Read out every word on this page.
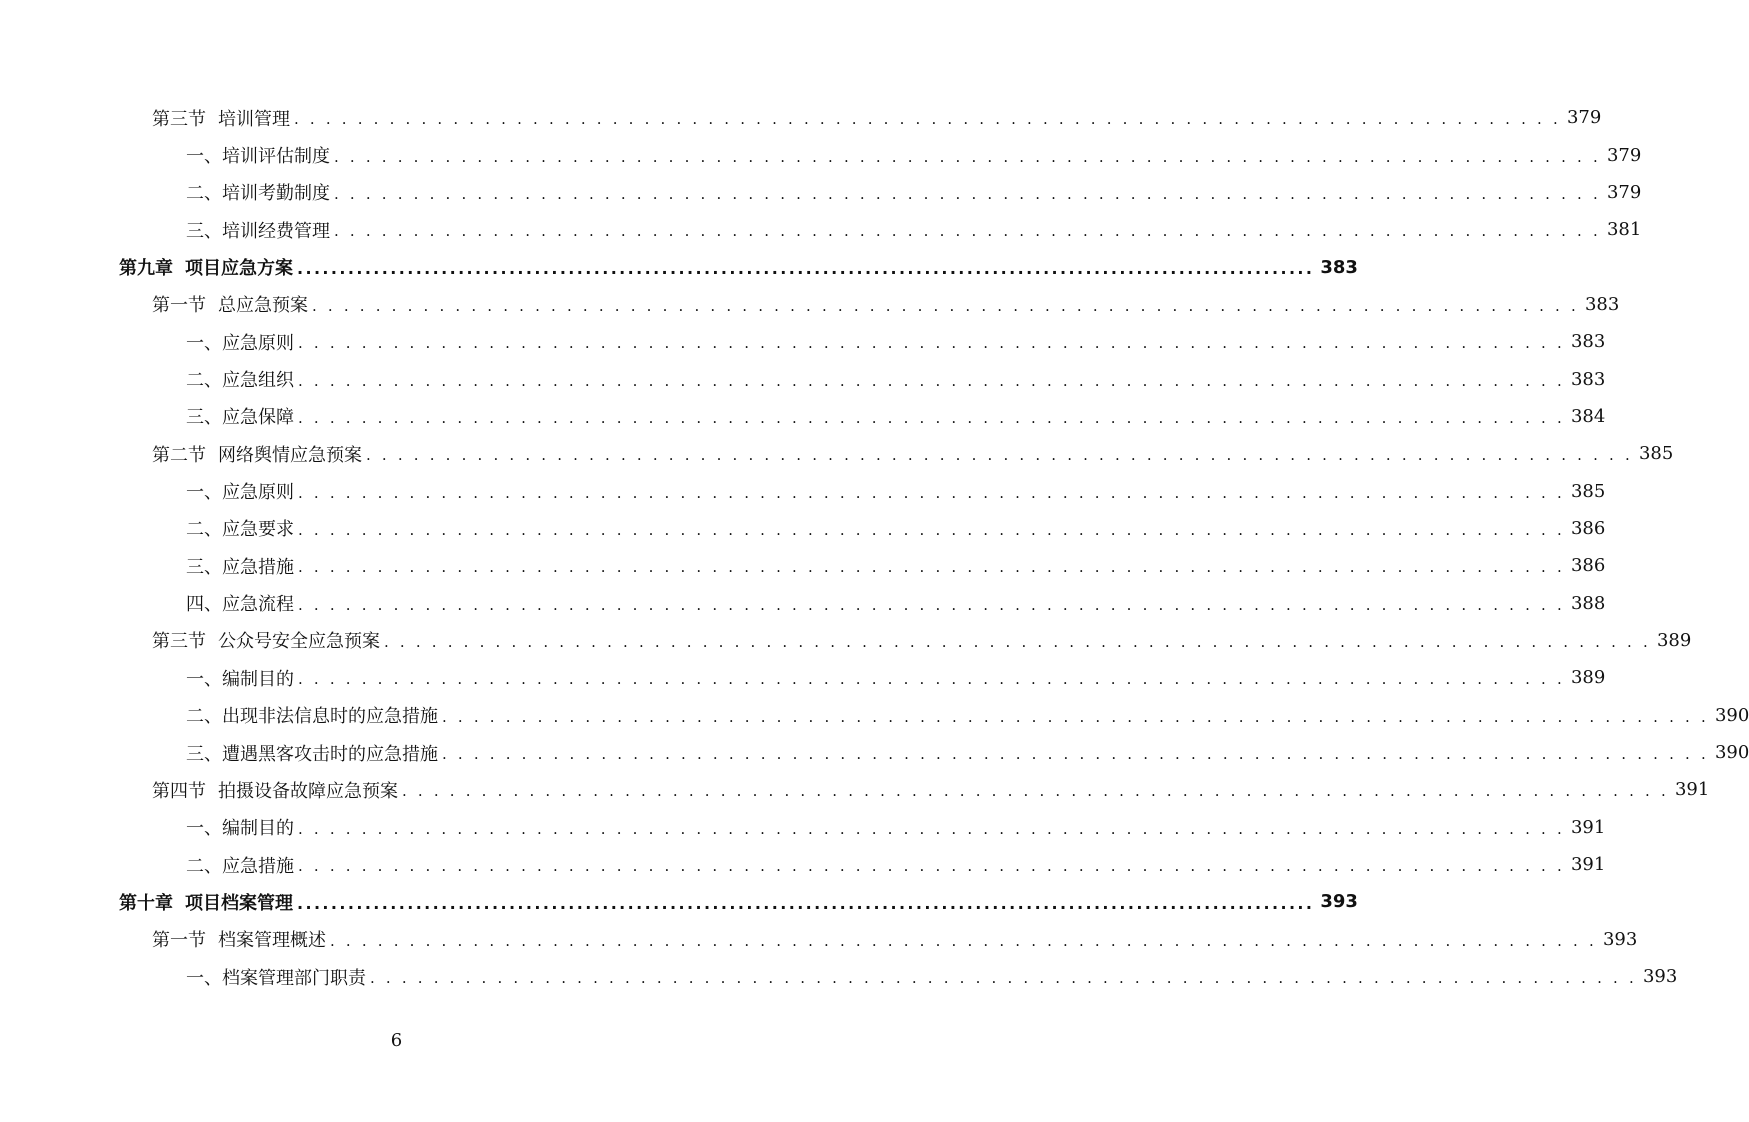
第三节 培训管理 . . . . . . . . . . . . . . . . . . . . . . . . . . . . . . . . . . . . . . . . . . . . . . . . . . . . . . . . . . . . . . . . . . . . . . . . . . . . . . . . 379
一、培训评估制度 . . . . . . . . . . . . . . . . . . . . . . . . . . . . . . . . . . . . . . . . . . . . . . . . . . . . . . . . . . . . . . . . . . . . . . . . . . . . . . . . 379
二、培训考勤制度 . . . . . . . . . . . . . . . . . . . . . . . . . . . . . . . . . . . . . . . . . . . . . . . . . . . . . . . . . . . . . . . . . . . . . . . . . . . . . . . . 379
三、培训经费管理 . . . . . . . . . . . . . . . . . . . . . . . . . . . . . . . . . . . . . . . . . . . . . . . . . . . . . . . . . . . . . . . . . . . . . . . . . . . . . . . . 381
第九章 项目应急方案 ........................................................................................................................ 383
第一节 总应急预案 . . . . . . . . . . . . . . . . . . . . . . . . . . . . . . . . . . . . . . . . . . . . . . . . . . . . . . . . . . . . . . . . . . . . . . . . . . . . . . . . 383
一、应急原则 . . . . . . . . . . . . . . . . . . . . . . . . . . . . . . . . . . . . . . . . . . . . . . . . . . . . . . . . . . . . . . . . . . . . . . . . . . . . . . . . 383
二、应急组织 . . . . . . . . . . . . . . . . . . . . . . . . . . . . . . . . . . . . . . . . . . . . . . . . . . . . . . . . . . . . . . . . . . . . . . . . . . . . . . . . 383
三、应急保障 . . . . . . . . . . . . . . . . . . . . . . . . . . . . . . . . . . . . . . . . . . . . . . . . . . . . . . . . . . . . . . . . . . . . . . . . . . . . . . . . 384
第二节 网络舆情应急预案 . . . . . . . . . . . . . . . . . . . . . . . . . . . . . . . . . . . . . . . . . . . . . . . . . . . . . . . . . . . . . . . . . . . . . . . . . . . . . . . . 385
一、应急原则 . . . . . . . . . . . . . . . . . . . . . . . . . . . . . . . . . . . . . . . . . . . . . . . . . . . . . . . . . . . . . . . . . . . . . . . . . . . . . . . . 385
二、应急要求 . . . . . . . . . . . . . . . . . . . . . . . . . . . . . . . . . . . . . . . . . . . . . . . . . . . . . . . . . . . . . . . . . . . . . . . . . . . . . . . . 386
三、应急措施 . . . . . . . . . . . . . . . . . . . . . . . . . . . . . . . . . . . . . . . . . . . . . . . . . . . . . . . . . . . . . . . . . . . . . . . . . . . . . . . . 386
四、应急流程 . . . . . . . . . . . . . . . . . . . . . . . . . . . . . . . . . . . . . . . . . . . . . . . . . . . . . . . . . . . . . . . . . . . . . . . . . . . . . . . . 388
第三节 公众号安全应急预案 . . . . . . . . . . . . . . . . . . . . . . . . . . . . . . . . . . . . . . . . . . . . . . . . . . . . . . . . . . . . . . . . . . . . . . . . . . . . . . . . 389
一、编制目的 . . . . . . . . . . . . . . . . . . . . . . . . . . . . . . . . . . . . . . . . . . . . . . . . . . . . . . . . . . . . . . . . . . . . . . . . . . . . . . . . 389
二、出现非法信息时的应急措施 . . . . . . . . . . . . . . . . . . . . . . . . . . . . . . . . . . . . . . . . . . . . . . . . . . . . . . . . . . . . . . . . . . . . . . . . . . . . . . . . 390
三、遭遇黑客攻击时的应急措施 . . . . . . . . . . . . . . . . . . . . . . . . . . . . . . . . . . . . . . . . . . . . . . . . . . . . . . . . . . . . . . . . . . . . . . . . . . . . . . . . 390
第四节 拍摄设备故障应急预案 . . . . . . . . . . . . . . . . . . . . . . . . . . . . . . . . . . . . . . . . . . . . . . . . . . . . . . . . . . . . . . . . . . . . . . . . . . . . . . . . 391
一、编制目的 . . . . . . . . . . . . . . . . . . . . . . . . . . . . . . . . . . . . . . . . . . . . . . . . . . . . . . . . . . . . . . . . . . . . . . . . . . . . . . . . 391
二、应急措施 . . . . . . . . . . . . . . . . . . . . . . . . . . . . . . . . . . . . . . . . . . . . . . . . . . . . . . . . . . . . . . . . . . . . . . . . . . . . . . . . 391
第十章 项目档案管理 ........................................................................................................................ 393
第一节 档案管理概述 . . . . . . . . . . . . . . . . . . . . . . . . . . . . . . . . . . . . . . . . . . . . . . . . . . . . . . . . . . . . . . . . . . . . . . . . . . . . . . . . 393
一、档案管理部门职责 . . . . . . . . . . . . . . . . . . . . . . . . . . . . . . . . . . . . . . . . . . . . . . . . . . . . . . . . . . . . . . . . . . . . . . . . . . . . . . . . 393
6
